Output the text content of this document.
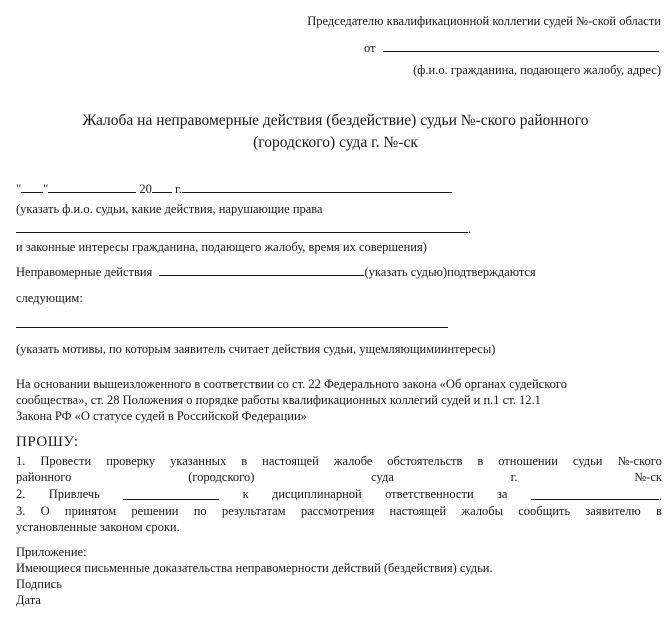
Председателю квалификационной коллегии судей №-ской области
от
(ф.и.о. гражданина, подающего жалобу, адрес)
Жалоба на неправомерные действия (бездействие) судьи №-ского районного
(городского) суда г. №-ск
" "	20 г.
(указать ф.и.о. судьи, какие действия, нарушающие права
.
и законные интересы гражданина, подающего жалобу, время их совершения)
Неправомерные действия	(указать судью)подтверждаются
следующим:
(указать мотивы, по которым заявитель считает действия судьи, ущемляющимиинтересы)
На основании вышеизложенного в соответствии со ст. 22 Федерального закона «Об органах судейского
сообщества», ст. 28 Положения о порядке работы квалификационных коллегий судей и п.1 ст. 12.1
Закона РФ «О статусе судей в Российской Федерации»
ПРОШУ:
1. Провести проверку указанных в настоящей жалобе обстоятельств в отношении судьи №-ского
районного	(городского)	суда	г.	№-ск
2. Привлечь	к дисциплинарной ответственности за	.
3. О принятом решении по результатам рассмотрения настоящей жалобы сообщить заявителю в
установленные законом сроки.
Приложение:
Имеющиеся письменные доказательства неправомерности действий (бездействия) судьи.
Подпись
Дата
